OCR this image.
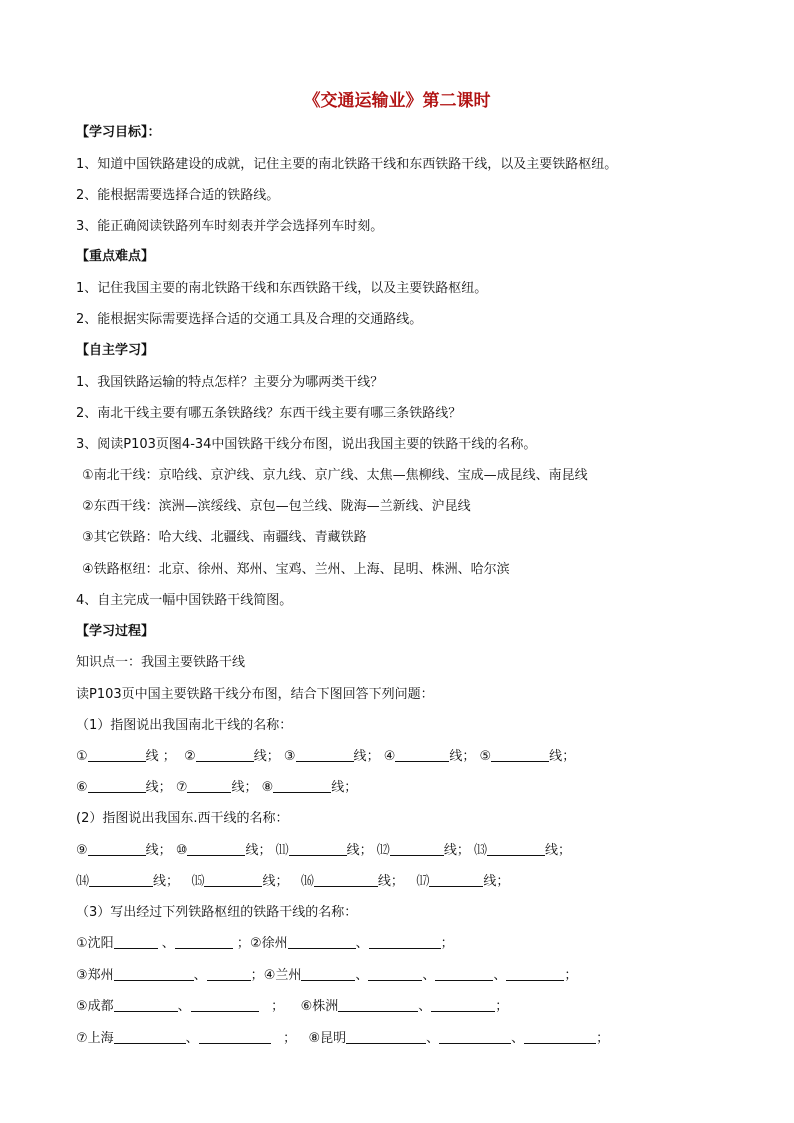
《交通运输业》第二课时
【学习目标】：
1、知道中国铁路建设的成就，记住主要的南北铁路干线和东西铁路干线，以及主要铁路枢纽。
2、能根据需要选择合适的铁路线。
3、能正确阅读铁路列车时刻表并学会选择列车时刻。
【重点难点】
1、记住我国主要的南北铁路干线和东西铁路干线，以及主要铁路枢纽。
2、能根据实际需要选择合适的交通工具及合理的交通路线。
【自主学习】
1、我国铁路运输的特点怎样？主要分为哪两类干线？
2、南北干线主要有哪五条铁路线？东西干线主要有哪三条铁路线？
3、阅读P103页图4-34中国铁路干线分布图，说出我国主要的铁路干线的名称。
①南北干线：京哈线、京沪线、京九线、京广线、太焦—焦柳线、宝成—成昆线、南昆线
②东西干线：滨洲—滨绥线、京包—包兰线、陇海—兰新线、沪昆线
③其它铁路：哈大线、北疆线、南疆线、青藏铁路
④铁路枢纽：北京、徐州、郑州、宝鸡、兰州、上海、昆明、株洲、哈尔滨
4、自主完成一幅中国铁路干线简图。
【学习过程】
知识点一：我国主要铁路干线
读P103页中国主要铁路干线分布图，结合下图回答下列问题：
（1）指图说出我国南北干线的名称：
①	线 ；  ②	线； ③	线； ④	线； ⑤	线；
⑥	线； ⑦	线； ⑧	线；
(2）指图说出我国东.西干线的名称：
⑨	线； ⑩	线； ⑾	线； ⑿	线； ⒀	线；
⒁	线；   ⒂	线；   ⒃	线；   ⒄	线；
（3）写出经过下列铁路枢纽的铁路干线的名称：
①沈阳	、	；②徐州	、	；
③郑州	、	；④兰州	、	、	、	；
⑤成都	、	；    ⑥株洲	、	；
⑦上海	、	；   ⑧昆明	、	、	；
